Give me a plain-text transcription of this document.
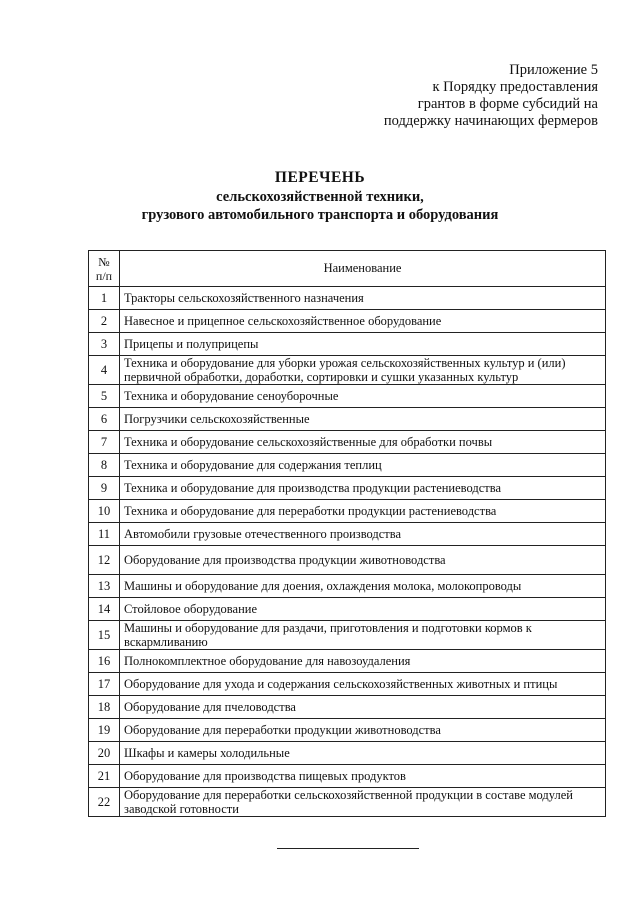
Приложение 5
к Порядку предоставления
грантов в форме субсидий на
поддержку начинающих фермеров
ПЕРЕЧЕНЬ
сельскохозяйственной техники,
грузового автомобильного транспорта и оборудования
№ п/п	Наименование
1	Тракторы сельскохозяйственного назначения
2	Навесное и прицепное сельскохозяйственное оборудование
3	Прицепы и полуприцепы
4	Техника и оборудование для уборки урожая сельскохозяйственных культур и (или) первичной обработки, доработки, сортировки и сушки указанных культур
5	Техника и оборудование сеноуборочные
6	Погрузчики сельскохозяйственные
7	Техника и оборудование сельскохозяйственные для обработки почвы
8	Техника и оборудование для содержания теплиц
9	Техника и оборудование для производства продукции растениеводства
10	Техника и оборудование для переработки продукции растениеводства
11	Автомобили грузовые отечественного производства
12	Оборудование для производства продукции животноводства
13	Машины и оборудование для доения, охлаждения молока, молокопроводы
14	Стойловое оборудование
15	Машины и оборудование для раздачи, приготовления и подготовки кормов к вскармливанию
16	Полнокомплектное оборудование для навозоудаления
17	Оборудование для ухода и содержания сельскохозяйственных животных и птицы
18	Оборудование для пчеловодства
19	Оборудование для переработки продукции животноводства
20	Шкафы и камеры холодильные
21	Оборудование для производства пищевых продуктов
22	Оборудование для переработки сельскохозяйственной продукции в составе модулей заводской готовности
